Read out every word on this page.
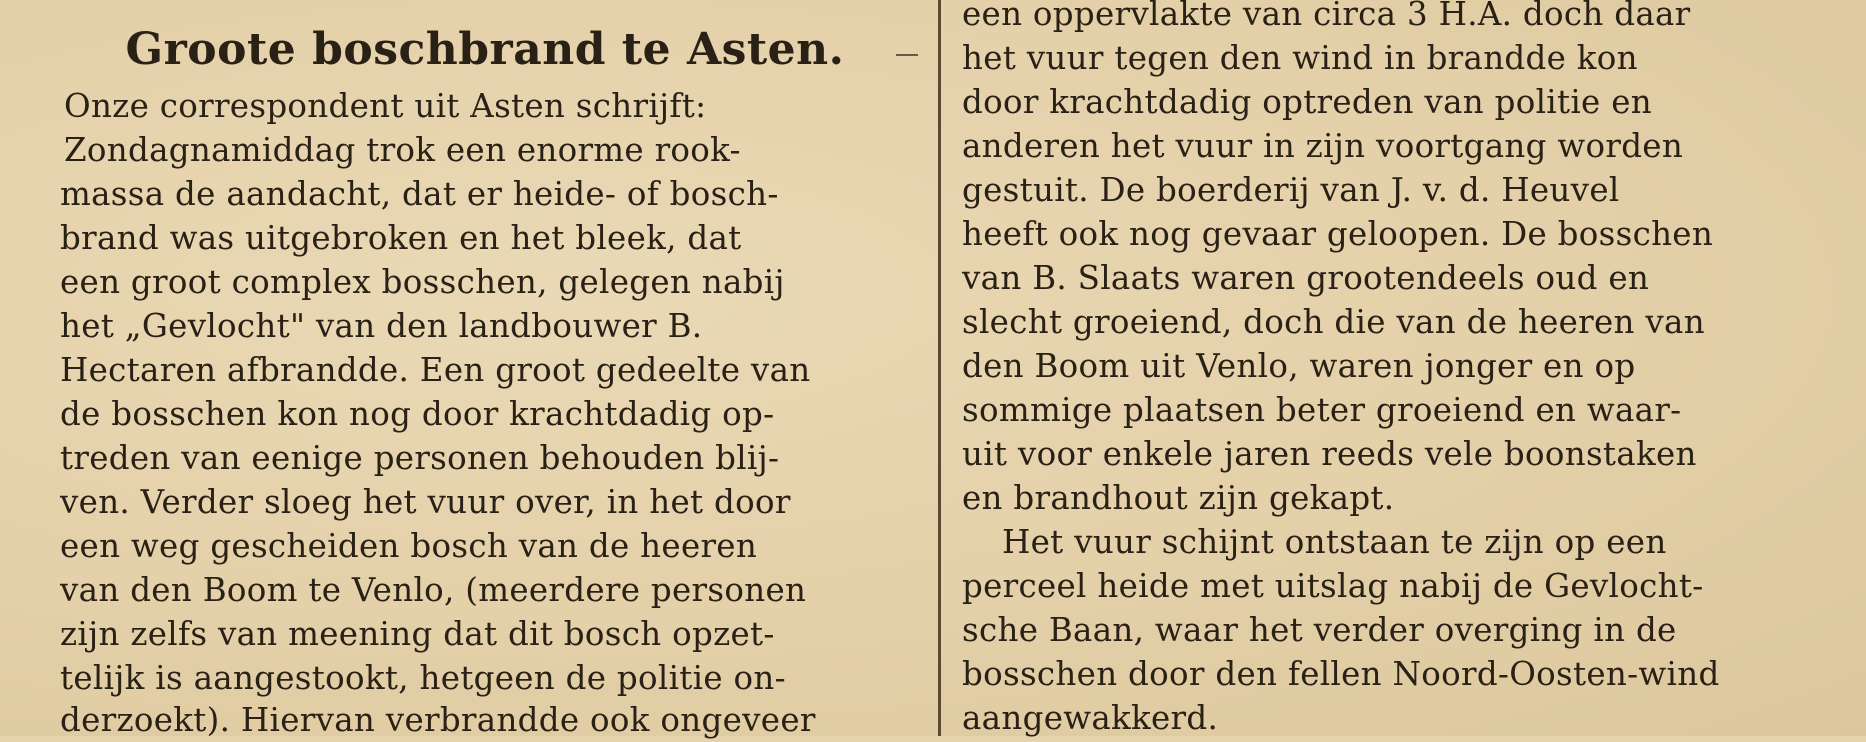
Groote boschbrand te Asten.
Onze correspondent uit Asten schrijft:
Zondagnamiddag trok een enorme rook-
massa de aandacht, dat er heide- of bosch-
brand was uitgebroken en het bleek, dat
een groot complex bosschen, gelegen nabij
het „Gevlocht" van den landbouwer B.
Hectaren afbrandde. Een groot gedeelte van
de bosschen kon nog door krachtdadig op-
treden van eenige personen behouden blij-
ven. Verder sloeg het vuur over, in het door
een weg gescheiden bosch van de heeren
van den Boom te Venlo, (meerdere personen
zijn zelfs van meening dat dit bosch opzet-
telijk is aangestookt, hetgeen de politie on-
derzoekt). Hiervan verbrandde ook ongeveer
een oppervlakte van circa 3 H.A. doch daar
het vuur tegen den wind in brandde kon
door krachtdadig optreden van politie en
anderen het vuur in zijn voortgang worden
gestuit. De boerderij van J. v. d. Heuvel
heeft ook nog gevaar geloopen. De bosschen
van B. Slaats waren grootendeels oud en
slecht groeiend, doch die van de heeren van
den Boom uit Venlo, waren jonger en op
sommige plaatsen beter groeiend en waar-
uit voor enkele jaren reeds vele boonstaken
en brandhout zijn gekapt.
Het vuur schijnt ontstaan te zijn op een
perceel heide met uitslag nabij de Gevlocht-
sche Baan, waar het verder overging in de
bosschen door den fellen Noord-Oosten-wind
aangewakkerd.
